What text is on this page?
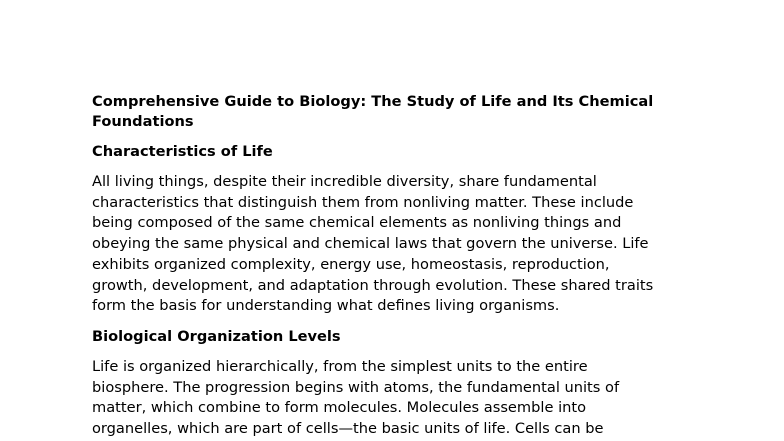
Comprehensive Guide to Biology: The Study of Life and Its Chemical
Foundations
Characteristics of Life
All living things, despite their incredible diversity, share fundamental
characteristics that distinguish them from nonliving matter. These include
being composed of the same chemical elements as nonliving things and
obeying the same physical and chemical laws that govern the universe. Life
exhibits organized complexity, energy use, homeostasis, reproduction,
growth, development, and adaptation through evolution. These shared traits
form the basis for understanding what defines living organisms.
Biological Organization Levels
Life is organized hierarchically, from the simplest units to the entire
biosphere. The progression begins with atoms, the fundamental units of
matter, which combine to form molecules. Molecules assemble into
organelles, which are part of cells—the basic units of life. Cells can be
